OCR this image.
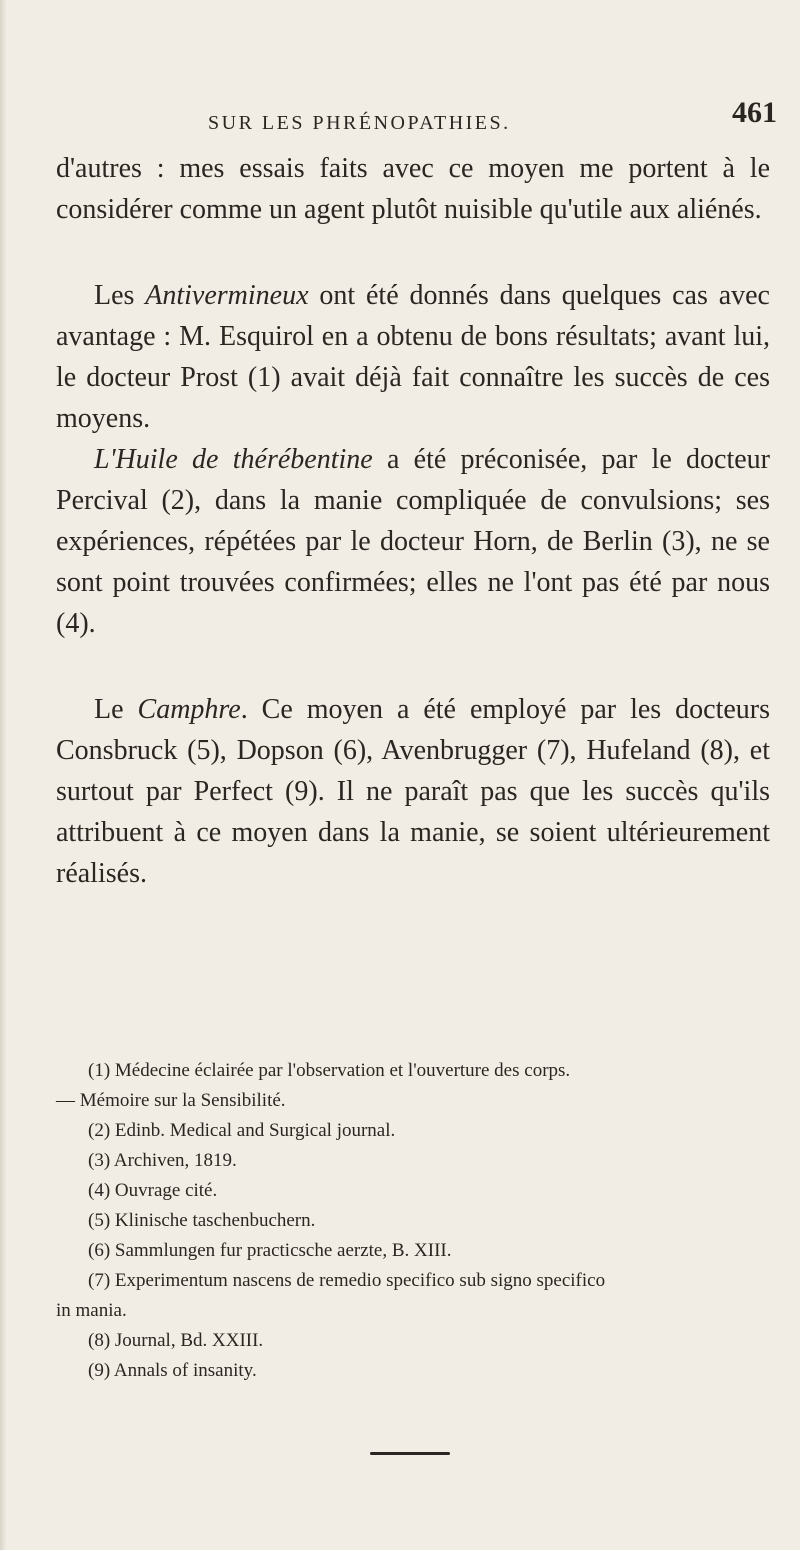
SUR LES PHRÉNOPATHIES.	461

d'autres : mes essais faits avec ce moyen me portent à le considérer comme un agent plutôt nuisible qu'utile aux aliénés.

Les Antivermineux ont été donnés dans quelques cas avec avantage : M. Esquirol en a obtenu de bons résultats; avant lui, le docteur Prost (1) avait déjà fait connaître les succès de ces moyens.

L'Huile de thérébentine a été préconisée, par le docteur Percival (2), dans la manie compliquée de convulsions; ses expériences, répétées par le docteur Horn, de Berlin (3), ne se sont point trouvées confirmées; elles ne l'ont pas été par nous (4).

Le Camphre. Ce moyen a été employé par les docteurs Consbruck (5), Dopson (6), Avenbrugger (7), Hufeland (8), et surtout par Perfect (9). Il ne paraît pas que les succès qu'ils attribuent à ce moyen dans la manie, se soient ultérieurement réalisés.

(1) Médecine éclairée par l'observation et l'ouverture des corps.
— Mémoire sur la Sensibilité.
(2) Edinb. Medical and Surgical journal.
(3) Archiven, 1819.
(4) Ouvrage cité.
(5) Klinische taschenbuchern.
(6) Sammlungen fur practicsche aerzte, B. XIII.
(7) Experimentum nascens de remedio specifico sub signo specifico
in mania.
(8) Journal, Bd. XXIII.
(9) Annals of insanity.
